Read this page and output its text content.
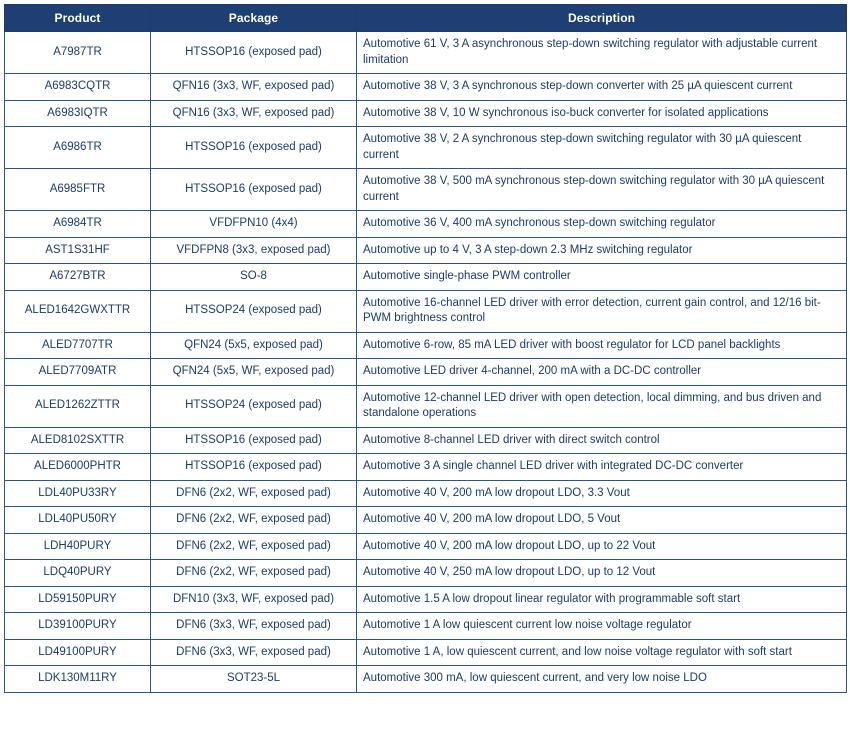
Product	Package	Description
A7987TR	HTSSOP16 (exposed pad)	Automotive 61 V, 3 A asynchronous step-down switching regulator with adjustable current limitation
A6983CQTR	QFN16 (3x3, WF, exposed pad)	Automotive 38 V, 3 A synchronous step-down converter with 25 µA quiescent current
A6983IQTR	QFN16 (3x3, WF, exposed pad)	Automotive 38 V, 10 W synchronous iso-buck converter for isolated applications
A6986TR	HTSSOP16 (exposed pad)	Automotive 38 V, 2 A synchronous step-down switching regulator with 30 µA quiescent current
A6985FTR	HTSSOP16 (exposed pad)	Automotive 38 V, 500 mA synchronous step-down switching regulator with 30 µA quiescent current
A6984TR	VFDFPN10 (4x4)	Automotive 36 V, 400 mA synchronous step-down switching regulator
AST1S31HF	VFDFPN8 (3x3, exposed pad)	Automotive up to 4 V, 3 A step-down 2.3 MHz switching regulator
A6727BTR	SO-8	Automotive single-phase PWM controller
ALED1642GWXTTR	HTSSOP24 (exposed pad)	Automotive 16-channel LED driver with error detection, current gain control, and 12/16 bit-PWM brightness control
ALED7707TR	QFN24 (5x5, exposed pad)	Automotive 6-row, 85 mA LED driver with boost regulator for LCD panel backlights
ALED7709ATR	QFN24 (5x5, WF, exposed pad)	Automotive LED driver 4-channel, 200 mA with a DC-DC controller
ALED1262ZTTR	HTSSOP24 (exposed pad)	Automotive 12-channel LED driver with open detection, local dimming, and bus driven and standalone operations
ALED8102SXTTR	HTSSOP16 (exposed pad)	Automotive 8-channel LED driver with direct switch control
ALED6000PHTR	HTSSOP16 (exposed pad)	Automotive 3 A single channel LED driver with integrated DC-DC converter
LDL40PU33RY	DFN6 (2x2, WF, exposed pad)	Automotive 40 V, 200 mA low dropout LDO, 3.3 Vout
LDL40PU50RY	DFN6 (2x2, WF, exposed pad)	Automotive 40 V, 200 mA low dropout LDO, 5 Vout
LDH40PURY	DFN6 (2x2, WF, exposed pad)	Automotive 40 V, 200 mA low dropout LDO, up to 22 Vout
LDQ40PURY	DFN6 (2x2, WF, exposed pad)	Automotive 40 V, 250 mA low dropout LDO, up to 12 Vout
LD59150PURY	DFN10 (3x3, WF, exposed pad)	Automotive 1.5 A low dropout linear regulator with programmable soft start
LD39100PURY	DFN6 (3x3, WF, exposed pad)	Automotive 1 A low quiescent current low noise voltage regulator
LD49100PURY	DFN6 (3x3, WF, exposed pad)	Automotive 1 A, low quiescent current, and low noise voltage regulator with soft start
LDK130M11RY	SOT23-5L	Automotive 300 mA, low quiescent current, and very low noise LDO
